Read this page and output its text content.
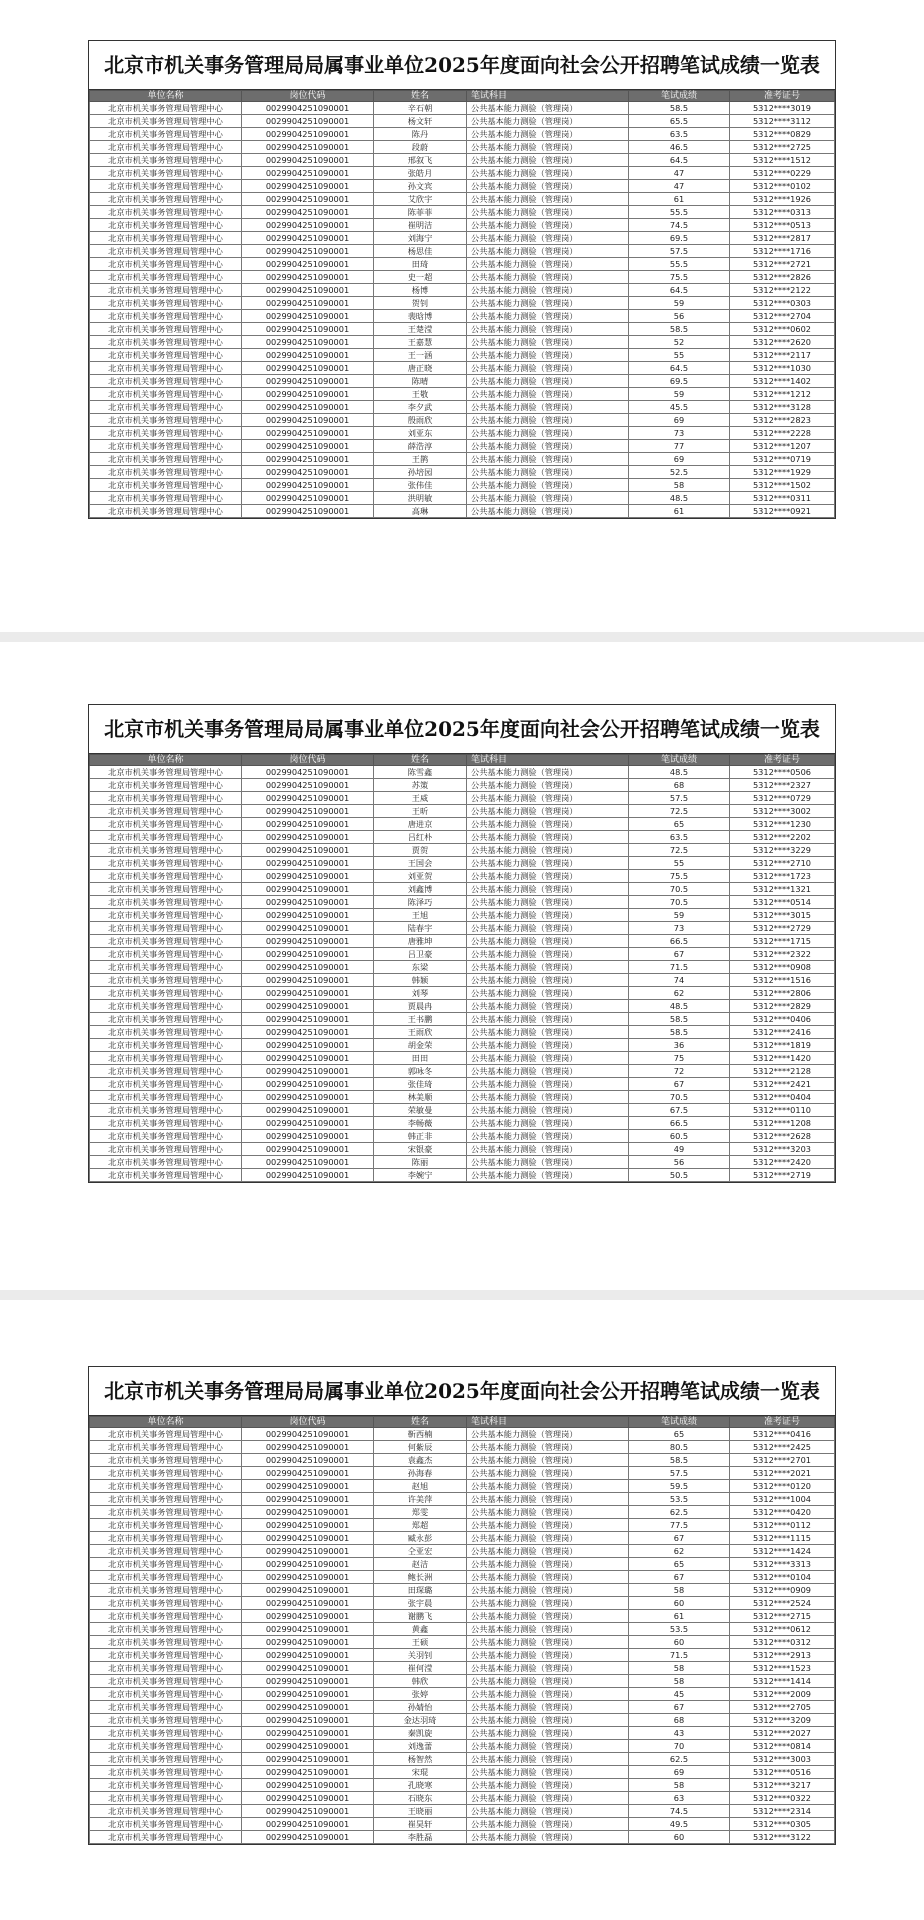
北京市机关事务管理局局属事业单位2025年度面向社会公开招聘笔试成绩一览表
单位名称	岗位代码	姓名	笔试科目	笔试成绩	准考证号
北京市机关事务管理局管理中心	0029904251090001	辛石朝	公共基本能力测验（管理岗）	58.5	5312****3019
北京市机关事务管理局管理中心	0029904251090001	杨文轩	公共基本能力测验（管理岗）	65.5	5312****3112
北京市机关事务管理局管理中心	0029904251090001	陈丹	公共基本能力测验（管理岗）	63.5	5312****0829
北京市机关事务管理局管理中心	0029904251090001	段蔚	公共基本能力测验（管理岗）	46.5	5312****2725
北京市机关事务管理局管理中心	0029904251090001	邢叙飞	公共基本能力测验（管理岗）	64.5	5312****1512
北京市机关事务管理局管理中心	0029904251090001	张皓月	公共基本能力测验（管理岗）	47	5312****0229
北京市机关事务管理局管理中心	0029904251090001	孙文宾	公共基本能力测验（管理岗）	47	5312****0102
北京市机关事务管理局管理中心	0029904251090001	艾欣宇	公共基本能力测验（管理岗）	61	5312****1926
北京市机关事务管理局管理中心	0029904251090001	陈菲菲	公共基本能力测验（管理岗）	55.5	5312****0313
北京市机关事务管理局管理中心	0029904251090001	崔明洁	公共基本能力测验（管理岗）	74.5	5312****0513
北京市机关事务管理局管理中心	0029904251090001	刘海宁	公共基本能力测验（管理岗）	69.5	5312****2817
北京市机关事务管理局管理中心	0029904251090001	杨思佳	公共基本能力测验（管理岗）	57.5	5312****1716
北京市机关事务管理局管理中心	0029904251090001	田琦	公共基本能力测验（管理岗）	55.5	5312****2721
北京市机关事务管理局管理中心	0029904251090001	史一超	公共基本能力测验（管理岗）	75.5	5312****2826
北京市机关事务管理局管理中心	0029904251090001	杨博	公共基本能力测验（管理岗）	64.5	5312****2122
北京市机关事务管理局管理中心	0029904251090001	贺钊	公共基本能力测验（管理岗）	59	5312****0303
北京市机关事务管理局管理中心	0029904251090001	裴晗博	公共基本能力测验（管理岗）	56	5312****2704
北京市机关事务管理局管理中心	0029904251090001	王楚滢	公共基本能力测验（管理岗）	58.5	5312****0602
北京市机关事务管理局管理中心	0029904251090001	王嘉慧	公共基本能力测验（管理岗）	52	5312****2620
北京市机关事务管理局管理中心	0029904251090001	王一涵	公共基本能力测验（管理岗）	55	5312****2117
北京市机关事务管理局管理中心	0029904251090001	唐正晓	公共基本能力测验（管理岗）	64.5	5312****1030
北京市机关事务管理局管理中心	0029904251090001	陈晴	公共基本能力测验（管理岗）	69.5	5312****1402
北京市机关事务管理局管理中心	0029904251090001	王敬	公共基本能力测验（管理岗）	59	5312****1212
北京市机关事务管理局管理中心	0029904251090001	李夕武	公共基本能力测验（管理岗）	45.5	5312****3128
北京市机关事务管理局管理中心	0029904251090001	殷雨欣	公共基本能力测验（管理岗）	69	5312****2823
北京市机关事务管理局管理中心	0029904251090001	刘亚东	公共基本能力测验（管理岗）	73	5312****2228
北京市机关事务管理局管理中心	0029904251090001	薛浩淳	公共基本能力测验（管理岗）	77	5312****1207
北京市机关事务管理局管理中心	0029904251090001	王鹊	公共基本能力测验（管理岗）	69	5312****0719
北京市机关事务管理局管理中心	0029904251090001	孙培园	公共基本能力测验（管理岗）	52.5	5312****1929
北京市机关事务管理局管理中心	0029904251090001	张伟佳	公共基本能力测验（管理岗）	58	5312****1502
北京市机关事务管理局管理中心	0029904251090001	洪明敏	公共基本能力测验（管理岗）	48.5	5312****0311
北京市机关事务管理局管理中心	0029904251090001	高琳	公共基本能力测验（管理岗）	61	5312****0921
北京市机关事务管理局局属事业单位2025年度面向社会公开招聘笔试成绩一览表
单位名称	岗位代码	姓名	笔试科目	笔试成绩	准考证号
北京市机关事务管理局管理中心	0029904251090001	陈雪鑫	公共基本能力测验（管理岗）	48.5	5312****0506
北京市机关事务管理局管理中心	0029904251090001	苏策	公共基本能力测验（管理岗）	68	5312****2327
北京市机关事务管理局管理中心	0029904251090001	王威	公共基本能力测验（管理岗）	57.5	5312****0729
北京市机关事务管理局管理中心	0029904251090001	王昕	公共基本能力测验（管理岗）	72.5	5312****3002
北京市机关事务管理局管理中心	0029904251090001	唐进京	公共基本能力测验（管理岗）	65	5312****1230
北京市机关事务管理局管理中心	0029904251090001	吕红朴	公共基本能力测验（管理岗）	63.5	5312****2202
北京市机关事务管理局管理中心	0029904251090001	贾贺	公共基本能力测验（管理岗）	72.5	5312****3229
北京市机关事务管理局管理中心	0029904251090001	王国会	公共基本能力测验（管理岗）	55	5312****2710
北京市机关事务管理局管理中心	0029904251090001	刘亚贺	公共基本能力测验（管理岗）	75.5	5312****1723
北京市机关事务管理局管理中心	0029904251090001	刘鑫博	公共基本能力测验（管理岗）	70.5	5312****1321
北京市机关事务管理局管理中心	0029904251090001	陈泽巧	公共基本能力测验（管理岗）	70.5	5312****0514
北京市机关事务管理局管理中心	0029904251090001	王旭	公共基本能力测验（管理岗）	59	5312****3015
北京市机关事务管理局管理中心	0029904251090001	陆春宇	公共基本能力测验（管理岗）	73	5312****2729
北京市机关事务管理局管理中心	0029904251090001	唐雅坤	公共基本能力测验（管理岗）	66.5	5312****1715
北京市机关事务管理局管理中心	0029904251090001	吕卫豪	公共基本能力测验（管理岗）	67	5312****2322
北京市机关事务管理局管理中心	0029904251090001	东梁	公共基本能力测验（管理岗）	71.5	5312****0908
北京市机关事务管理局管理中心	0029904251090001	韩颖	公共基本能力测验（管理岗）	74	5312****1516
北京市机关事务管理局管理中心	0029904251090001	刘琴	公共基本能力测验（管理岗）	62	5312****2806
北京市机关事务管理局管理中心	0029904251090001	贾晨冉	公共基本能力测验（管理岗）	48.5	5312****2829
北京市机关事务管理局管理中心	0029904251090001	王书鹏	公共基本能力测验（管理岗）	58.5	5312****0406
北京市机关事务管理局管理中心	0029904251090001	王雨欣	公共基本能力测验（管理岗）	58.5	5312****2416
北京市机关事务管理局管理中心	0029904251090001	胡金荣	公共基本能力测验（管理岗）	36	5312****1819
北京市机关事务管理局管理中心	0029904251090001	田田	公共基本能力测验（管理岗）	75	5312****1420
北京市机关事务管理局管理中心	0029904251090001	郭咏冬	公共基本能力测验（管理岗）	72	5312****2128
北京市机关事务管理局管理中心	0029904251090001	张佳琦	公共基本能力测验（管理岗）	67	5312****2421
北京市机关事务管理局管理中心	0029904251090001	林美顺	公共基本能力测验（管理岗）	70.5	5312****0404
北京市机关事务管理局管理中心	0029904251090001	荣敏曼	公共基本能力测验（管理岗）	67.5	5312****0110
北京市机关事务管理局管理中心	0029904251090001	李畅薇	公共基本能力测验（管理岗）	66.5	5312****1208
北京市机关事务管理局管理中心	0029904251090001	韩正非	公共基本能力测验（管理岗）	60.5	5312****2628
北京市机关事务管理局管理中心	0029904251090001	宋银豪	公共基本能力测验（管理岗）	49	5312****3203
北京市机关事务管理局管理中心	0029904251090001	陈丽	公共基本能力测验（管理岗）	56	5312****2420
北京市机关事务管理局管理中心	0029904251090001	李婉宁	公共基本能力测验（管理岗）	50.5	5312****2719
北京市机关事务管理局局属事业单位2025年度面向社会公开招聘笔试成绩一览表
单位名称	岗位代码	姓名	笔试科目	笔试成绩	准考证号
北京市机关事务管理局管理中心	0029904251090001	靳西楠	公共基本能力测验（管理岗）	65	5312****0416
北京市机关事务管理局管理中心	0029904251090001	何紫辰	公共基本能力测验（管理岗）	80.5	5312****2425
北京市机关事务管理局管理中心	0029904251090001	袁鑫杰	公共基本能力测验（管理岗）	58.5	5312****2701
北京市机关事务管理局管理中心	0029904251090001	孙海春	公共基本能力测验（管理岗）	57.5	5312****2021
北京市机关事务管理局管理中心	0029904251090001	赵旭	公共基本能力测验（管理岗）	59.5	5312****0120
北京市机关事务管理局管理中心	0029904251090001	许美萍	公共基本能力测验（管理岗）	53.5	5312****1004
北京市机关事务管理局管理中心	0029904251090001	郑雯	公共基本能力测验（管理岗）	62.5	5312****0420
北京市机关事务管理局管理中心	0029904251090001	郑超	公共基本能力测验（管理岗）	77.5	5312****0112
北京市机关事务管理局管理中心	0029904251090001	臧永彭	公共基本能力测验（管理岗）	67	5312****1115
北京市机关事务管理局管理中心	0029904251090001	仝亚宏	公共基本能力测验（管理岗）	62	5312****1424
北京市机关事务管理局管理中心	0029904251090001	赵洁	公共基本能力测验（管理岗）	65	5312****3313
北京市机关事务管理局管理中心	0029904251090001	鲍长洲	公共基本能力测验（管理岗）	67	5312****0104
北京市机关事务管理局管理中心	0029904251090001	田琛璐	公共基本能力测验（管理岗）	58	5312****0909
北京市机关事务管理局管理中心	0029904251090001	张宇晨	公共基本能力测验（管理岗）	60	5312****2524
北京市机关事务管理局管理中心	0029904251090001	谢鹏飞	公共基本能力测验（管理岗）	61	5312****2715
北京市机关事务管理局管理中心	0029904251090001	黄鑫	公共基本能力测验（管理岗）	53.5	5312****0612
北京市机关事务管理局管理中心	0029904251090001	王硕	公共基本能力测验（管理岗）	60	5312****0312
北京市机关事务管理局管理中心	0029904251090001	关羽钊	公共基本能力测验（管理岗）	71.5	5312****2913
北京市机关事务管理局管理中心	0029904251090001	崔何滢	公共基本能力测验（管理岗）	58	5312****1523
北京市机关事务管理局管理中心	0029904251090001	韩欣	公共基本能力测验（管理岗）	58	5312****1414
北京市机关事务管理局管理中心	0029904251090001	张婷	公共基本能力测验（管理岗）	45	5312****2009
北京市机关事务管理局管理中心	0029904251090001	孙婧怡	公共基本能力测验（管理岗）	67	5312****2705
北京市机关事务管理局管理中心	0029904251090001	金达羽琦	公共基本能力测验（管理岗）	68	5312****3209
北京市机关事务管理局管理中心	0029904251090001	秦凯旋	公共基本能力测验（管理岗）	43	5312****2027
北京市机关事务管理局管理中心	0029904251090001	刘逸蕾	公共基本能力测验（管理岗）	70	5312****0814
北京市机关事务管理局管理中心	0029904251090001	杨智然	公共基本能力测验（管理岗）	62.5	5312****3003
北京市机关事务管理局管理中心	0029904251090001	宋琨	公共基本能力测验（管理岗）	69	5312****0516
北京市机关事务管理局管理中心	0029904251090001	孔晓寒	公共基本能力测验（管理岗）	58	5312****3217
北京市机关事务管理局管理中心	0029904251090001	石晓东	公共基本能力测验（管理岗）	63	5312****0322
北京市机关事务管理局管理中心	0029904251090001	王晓丽	公共基本能力测验（管理岗）	74.5	5312****2314
北京市机关事务管理局管理中心	0029904251090001	崔昊轩	公共基本能力测验（管理岗）	49.5	5312****0305
北京市机关事务管理局管理中心	0029904251090001	李胜磊	公共基本能力测验（管理岗）	60	5312****3122
